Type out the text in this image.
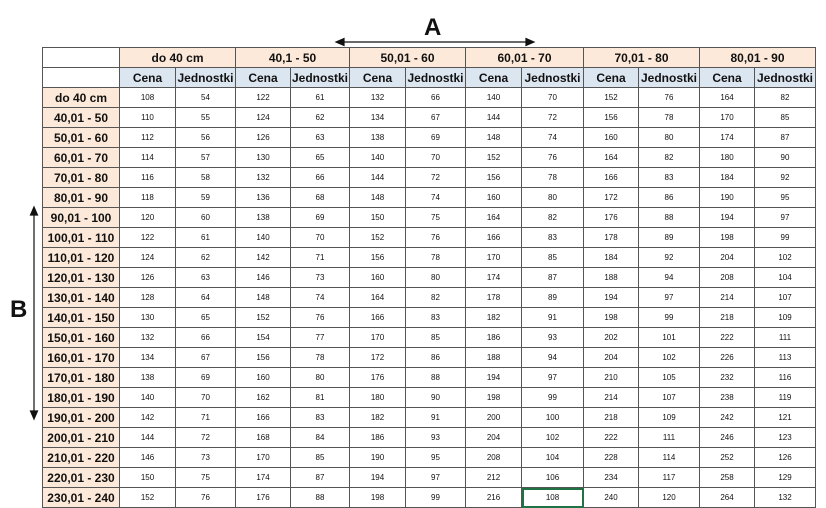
A
B
	do 40 cm		40,1 - 50		50,01 - 60		60,01 - 70		70,01 - 80		80,01 - 90	
	Cena	Jednostki	Cena	Jednostki	Cena	Jednostki	Cena	Jednostki	Cena	Jednostki	Cena	Jednostki
do 40 cm	108	54	122	61	132	66	140	70	152	76	164	82
40,01 - 50	110	55	124	62	134	67	144	72	156	78	170	85
50,01 - 60	112	56	126	63	138	69	148	74	160	80	174	87
60,01 - 70	114	57	130	65	140	70	152	76	164	82	180	90
70,01 - 80	116	58	132	66	144	72	156	78	166	83	184	92
80,01 - 90	118	59	136	68	148	74	160	80	172	86	190	95
90,01 - 100	120	60	138	69	150	75	164	82	176	88	194	97
100,01 - 110	122	61	140	70	152	76	166	83	178	89	198	99
110,01 - 120	124	62	142	71	156	78	170	85	184	92	204	102
120,01 - 130	126	63	146	73	160	80	174	87	188	94	208	104
130,01 - 140	128	64	148	74	164	82	178	89	194	97	214	107
140,01 - 150	130	65	152	76	166	83	182	91	198	99	218	109
150,01 - 160	132	66	154	77	170	85	186	93	202	101	222	111
160,01 - 170	134	67	156	78	172	86	188	94	204	102	226	113
170,01 - 180	138	69	160	80	176	88	194	97	210	105	232	116
180,01 - 190	140	70	162	81	180	90	198	99	214	107	238	119
190,01 - 200	142	71	166	83	182	91	200	100	218	109	242	121
200,01 - 210	144	72	168	84	186	93	204	102	222	111	246	123
210,01 - 220	146	73	170	85	190	95	208	104	228	114	252	126
220,01 - 230	150	75	174	87	194	97	212	106	234	117	258	129
230,01 - 240	152	76	176	88	198	99	216	108	240	120	264	132
